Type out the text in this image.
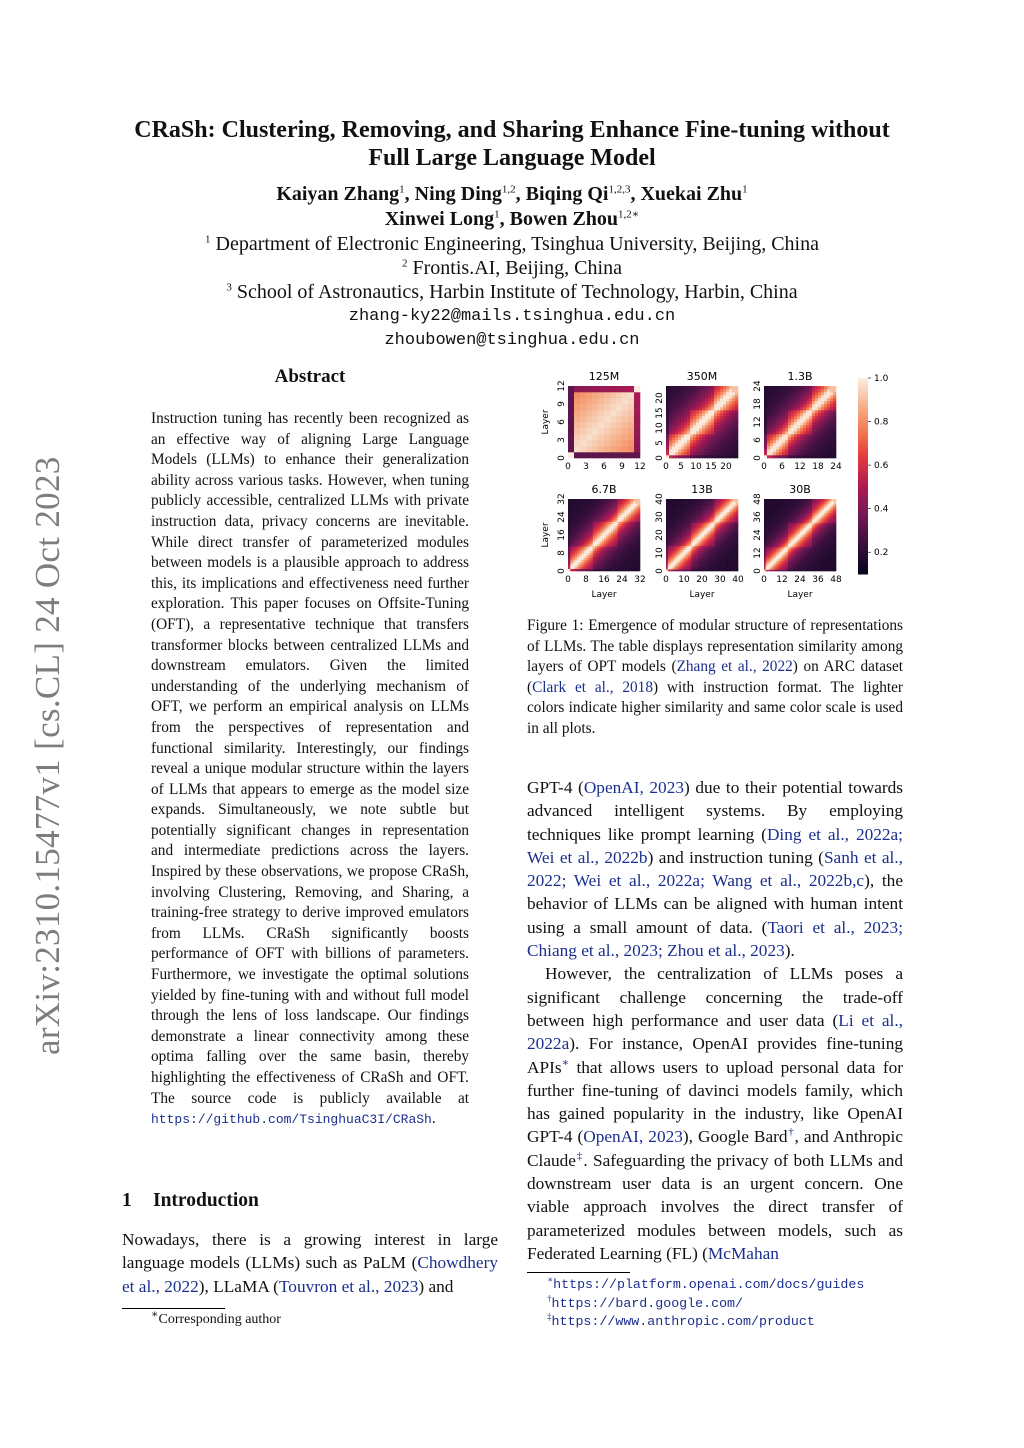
arXiv:2310.15477v1 [cs.CL] 24 Oct 2023
CRaSh: Clustering, Removing, and Sharing Enhance Fine-tuning without
Full Large Language Model
Kaiyan Zhang$^1$, Ning Ding$^{1,2}$, Biqing Qi$^{1,2,3}$, Xuekai Zhu$^1$
Xinwei Long$^1$, Bowen Zhou$^{1,2∗}$
$^1$ Department of Electronic Engineering, Tsinghua University, Beijing, China
$^2$ Frontis.AI, Beijing, China
$^3$ School of Astronautics, Harbin Institute of Technology, Harbin, China
zhang-ky22@mails.tsinghua.edu.cn
zhoubowen@tsinghua.edu.cn
Abstract
Instruction tuning has recently been recognized as an effective way of aligning Large Language Models (LLMs) to enhance their generalization ability across various tasks. However, when tuning publicly accessible, centralized LLMs with private instruction data, privacy concerns are inevitable. While direct transfer of parameterized modules between models is a plausible approach to address this, its implications and effectiveness need further exploration. This paper focuses on Offsite-Tuning (OFT), a representative technique that transfers transformer blocks between centralized LLMs and downstream emulators. Given the limited understanding of the underlying mechanism of OFT, we perform an empirical analysis on LLMs from the perspectives of representation and functional similarity. Interestingly, our findings reveal a unique modular structure within the layers of LLMs that appears to emerge as the model size expands. Simultaneously, we note subtle but potentially significant changes in representation and intermediate predictions across the layers. Inspired by these observations, we propose CRaSh, involving Clustering, Removing, and Sharing, a training-free strategy to derive improved emulators from LLMs. CRaSh significantly boosts performance of OFT with billions of parameters. Furthermore, we investigate the optimal solutions yielded by fine-tuning with and without full model through the lens of loss landscape. Our findings demonstrate a linear connectivity among these optima falling over the same basin, thereby highlighting the effectiveness of CRaSh and OFT. The source code is publicly available at https://github.com/TsinghuaC3I/CRaSh.
1 Introduction
Nowadays, there is a growing interest in large language models (LLMs) such as PaLM (Chowdhery et al., 2022), LLaMA (Touvron et al., 2023) and
∗Corresponding author
125M
0
0
3
3
6
6
9
9
12
12
Layer
350M
0
0
5
5
10
10
15
15
20
20
1.3B
0
0
6
6
12
12
18
18
24
24
6.7B
0
0
8
8
16
16
24
24
32
32
Layer
Layer
13B
0
0
10
10
20
20
30
30
40
40
Layer
30B
0
0
12
12
24
24
36
36
48
48
Layer
1.0
0.8
0.6
0.4
0.2
Figure 1: Emergence of modular structure of representations of LLMs. The table displays representation similarity among layers of OPT models (Zhang et al., 2022) on ARC dataset (Clark et al., 2018) with instruction format. The lighter colors indicate higher similarity and same color scale is used in all plots.

GPT-4 (OpenAI, 2023) due to their potential towards advanced intelligent systems. By employing techniques like prompt learning (Ding et al., 2022a; Wei et al., 2022b) and instruction tuning (Sanh et al., 2022; Wei et al., 2022a; Wang et al., 2022b,c), the behavior of LLMs can be aligned with human intent using a small amount of data. (Taori et al., 2023; Chiang et al., 2023; Zhou et al., 2023).

However, the centralization of LLMs poses a significant challenge concerning the trade-off between high performance and user data (Li et al., 2022a). For instance, OpenAI provides fine-tuning APIs∗ that allows users to upload personal data for further fine-tuning of davinci models family, which has gained popularity in the industry, like OpenAI GPT-4 (OpenAI, 2023), Google Bard†, and Anthropic Claude‡. Safeguarding the privacy of both LLMs and downstream user data is an urgent concern. One viable approach involves the direct transfer of parameterized modules between models, such as Federated Learning (FL) (McMahan

∗https://platform.openai.com/docs/guides
†https://bard.google.com/
‡https://www.anthropic.com/product
